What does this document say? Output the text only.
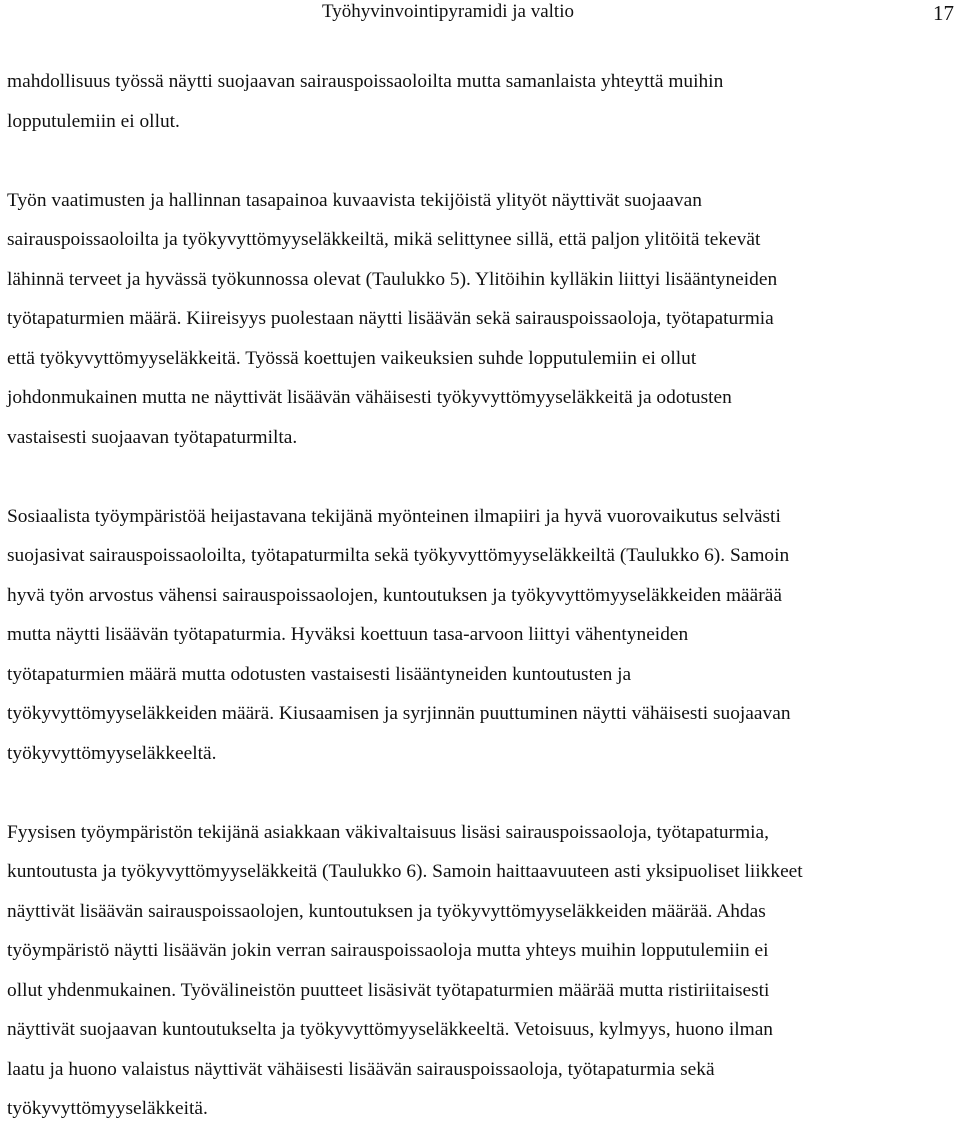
Työhyvinvointipyramidi ja valtio	17

mahdollisuus työssä näytti suojaavan sairauspoissaoloilta mutta samanlaista yhteyttä muihin
lopputulemiin ei ollut.

Työn vaatimusten ja hallinnan tasapainoa kuvaavista tekijöistä ylityöt näyttivät suojaavan
sairauspoissaoloilta ja työkyvyttömyyseläkkeiltä, mikä selittynee sillä, että paljon ylitöitä tekevät
lähinnä terveet ja hyvässä työkunnossa olevat (Taulukko 5). Ylitöihin kylläkin liittyi lisääntyneiden
työtapaturmien määrä. Kiireisyys puolestaan näytti lisäävän sekä sairauspoissaoloja, työtapaturmia
että työkyvyttömyyseläkkeitä. Työssä koettujen vaikeuksien suhde lopputulemiin ei ollut
johdonmukainen mutta ne näyttivät lisäävän vähäisesti työkyvyttömyyseläkkeitä ja odotusten
vastaisesti suojaavan työtapaturmilta.

Sosiaalista työympäristöä heijastavana tekijänä myönteinen ilmapiiri ja hyvä vuorovaikutus selvästi
suojasivat sairauspoissaoloilta, työtapaturmilta sekä työkyvyttömyyseläkkeiltä (Taulukko 6). Samoin
hyvä työn arvostus vähensi sairauspoissaolojen, kuntoutuksen ja työkyvyttömyyseläkkeiden määrää
mutta näytti lisäävän työtapaturmia. Hyväksi koettuun tasa-arvoon liittyi vähentyneiden
työtapaturmien määrä mutta odotusten vastaisesti lisääntyneiden kuntoutusten ja
työkyvyttömyyseläkkeiden määrä. Kiusaamisen ja syrjinnän puuttuminen näytti vähäisesti suojaavan
työkyvyttömyyseläkkeeltä.

Fyysisen työympäristön tekijänä asiakkaan väkivaltaisuus lisäsi sairauspoissaoloja, työtapaturmia,
kuntoutusta ja työkyvyttömyyseläkkeitä (Taulukko 6). Samoin haittaavuuteen asti yksipuoliset liikkeet
näyttivät lisäävän sairauspoissaolojen, kuntoutuksen ja työkyvyttömyyseläkkeiden määrää. Ahdas
työympäristö näytti lisäävän jokin verran sairauspoissaoloja mutta yhteys muihin lopputulemiin ei
ollut yhdenmukainen. Työvälineistön puutteet lisäsivät työtapaturmien määrää mutta ristiriitaisesti
näyttivät suojaavan kuntoutukselta ja työkyvyttömyyseläkkeeltä. Vetoisuus, kylmyys, huono ilman
laatu ja huono valaistus näyttivät vähäisesti lisäävän sairauspoissaoloja, työtapaturmia sekä
työkyvyttömyyseläkkeitä.
